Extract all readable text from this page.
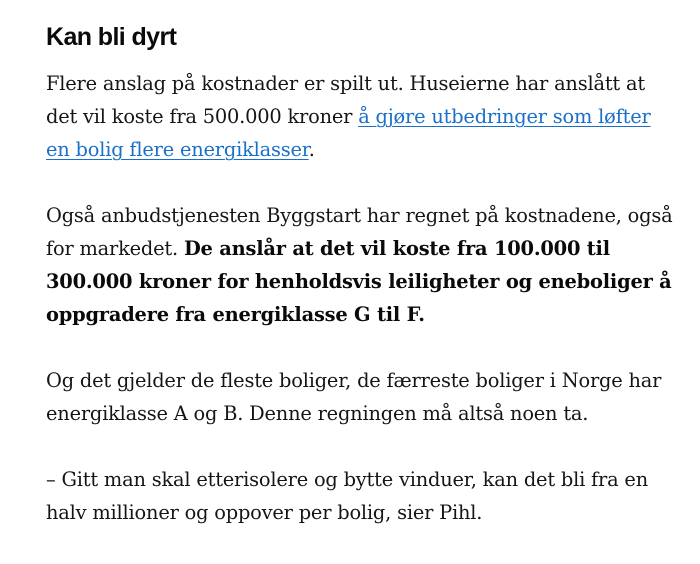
Kan bli dyrt

Flere anslag på kostnader er spilt ut. Huseierne har anslått at det vil koste fra 500.000 kroner å gjøre utbedringer som løfter en bolig flere energiklasser.

Også anbudstjenesten Byggstart har regnet på kostnadene, også for markedet. De anslår at det vil koste fra 100.000 til 300.000 kroner for henholdsvis leiligheter og eneboliger å oppgradere fra energiklasse G til F.

Og det gjelder de fleste boliger, de færreste boliger i Norge har energiklasse A og B. Denne regningen må altså noen ta.

– Gitt man skal etterisolere og bytte vinduer, kan det bli fra en halv millioner og oppover per bolig, sier Pihl.
